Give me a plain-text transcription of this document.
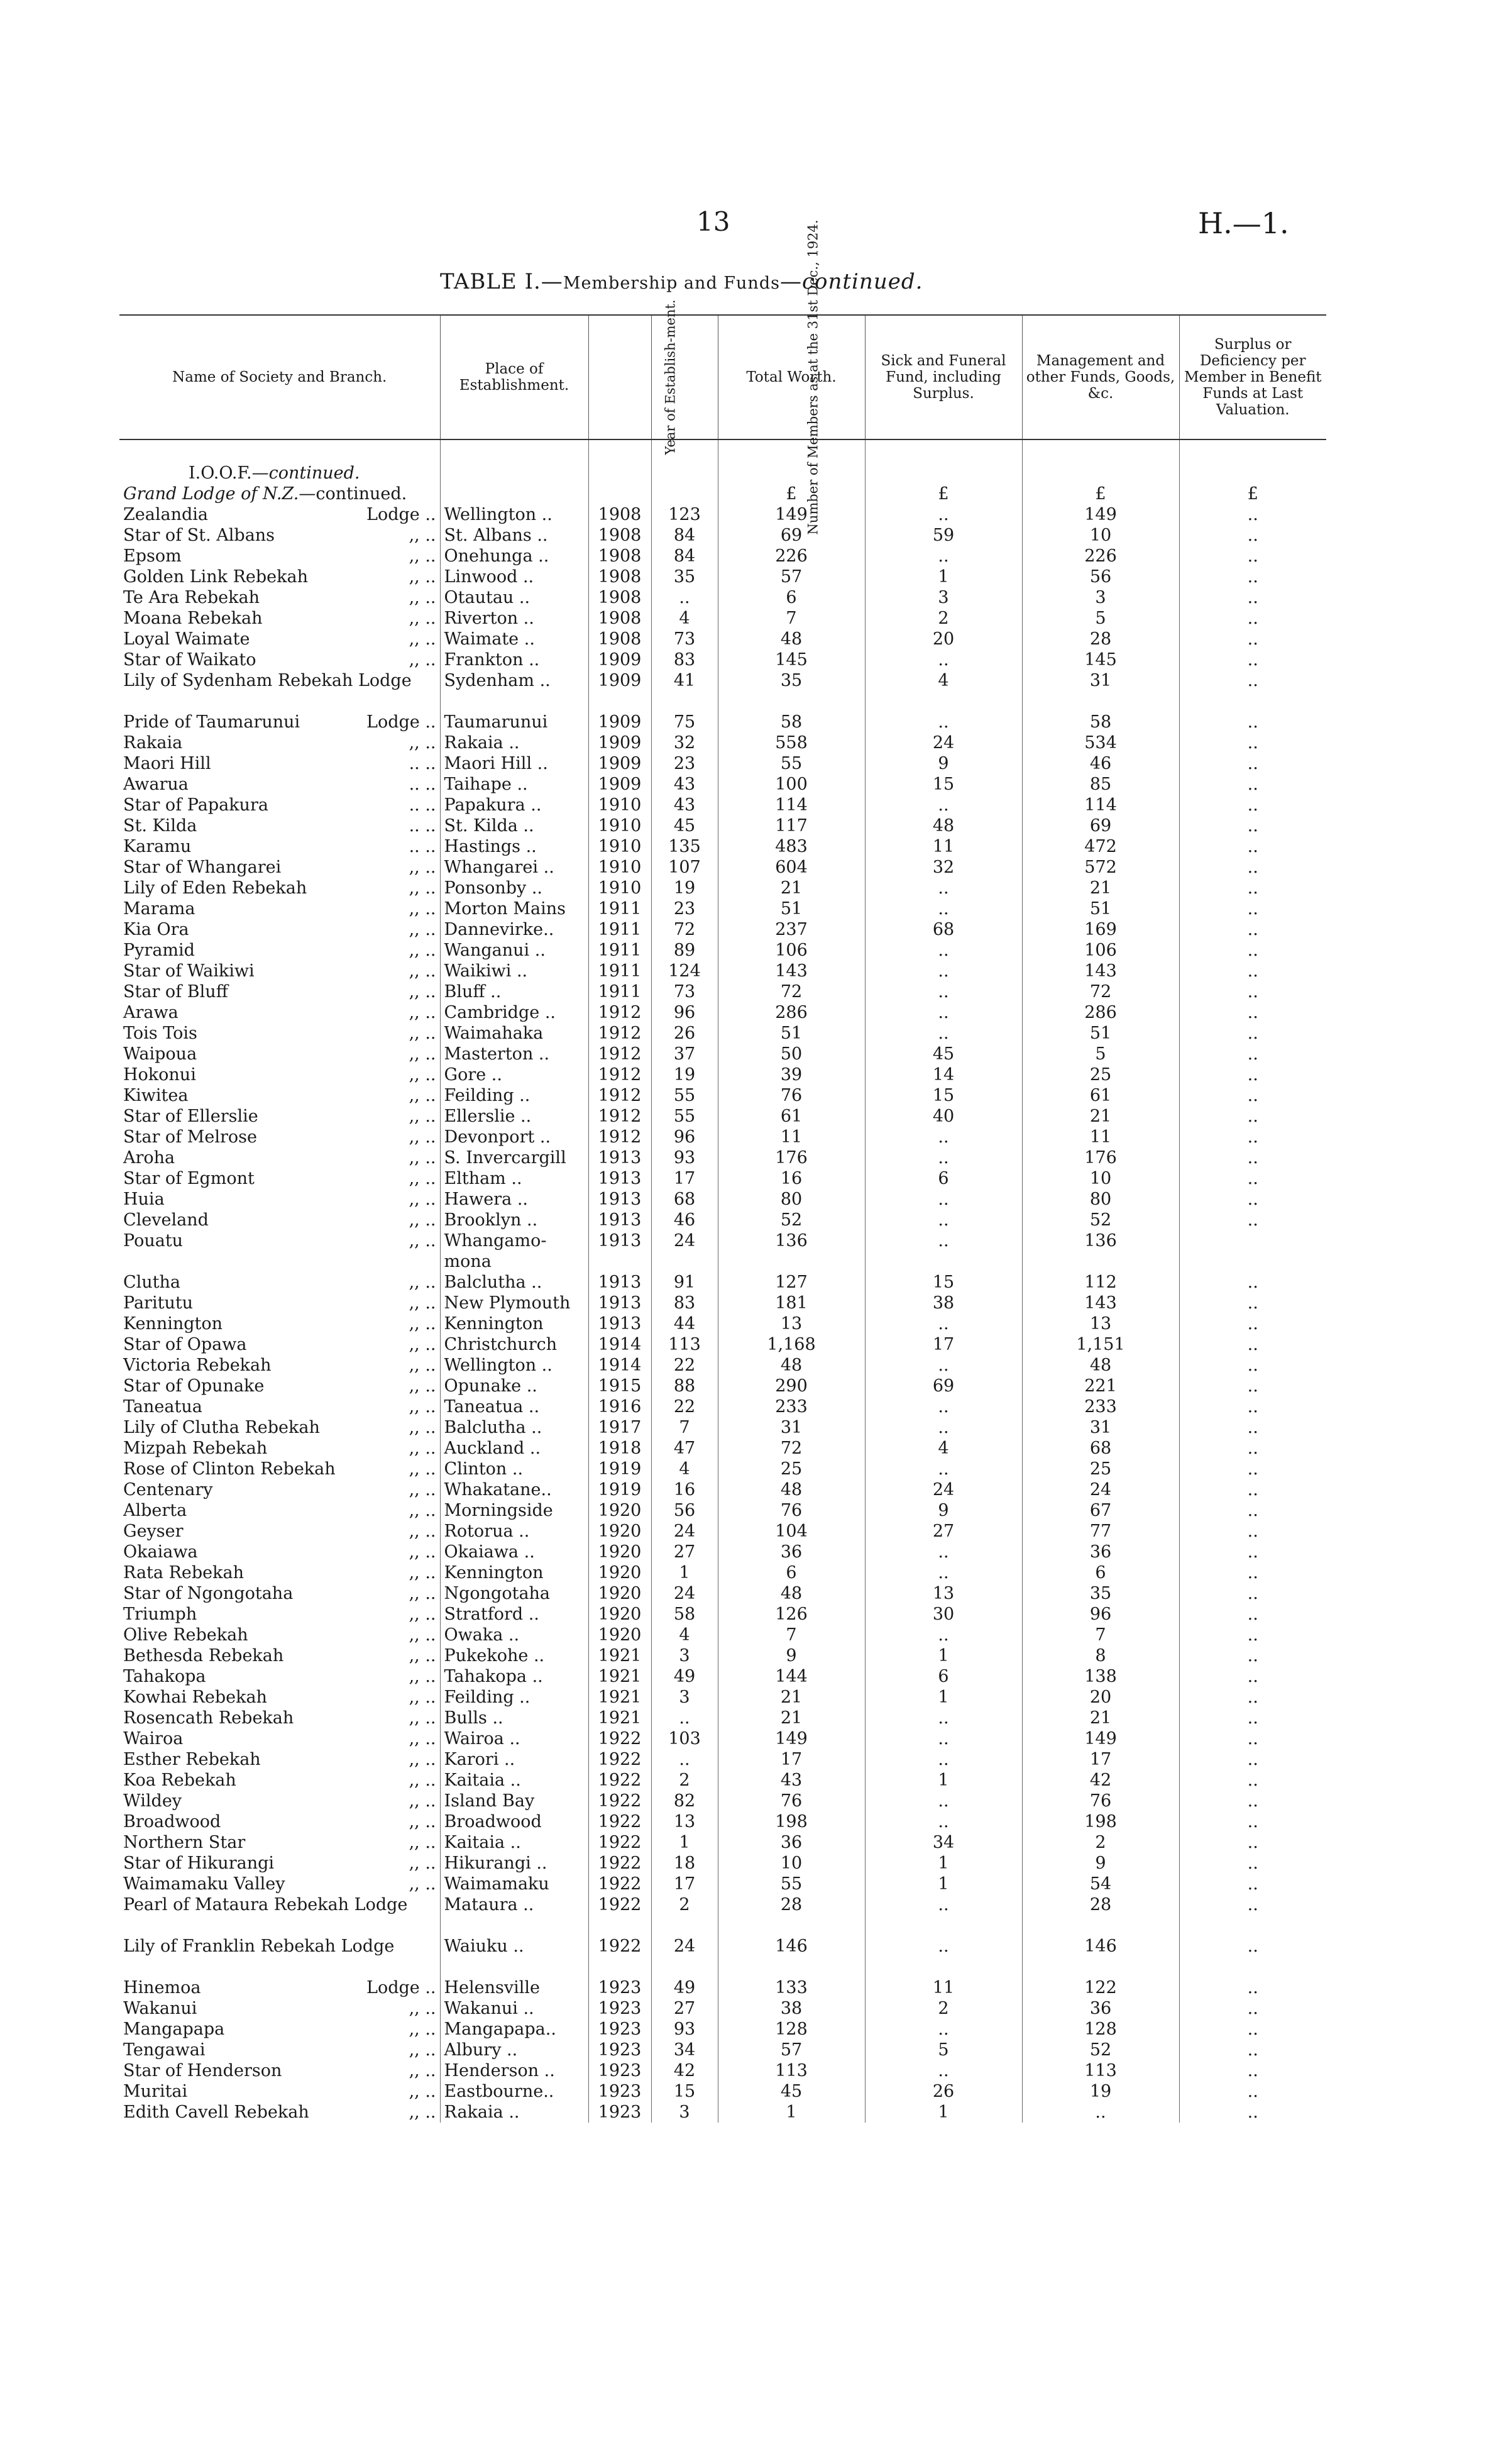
13	H.—1.
TABLE I.—Membership and Funds—continued.
Name of Society and Branch.	Place of Establishment.	Year of Establish-ment.	Number of Members as at the 31st Dec., 1924.	Total Worth.	Sick and Funeral Fund, including Surplus.	Management and other Funds, Goods, &c.	Surplus or Deficiency per Member in Benefit Funds at Last Valuation.

I.O.O.F.—continued.							
Grand Lodge of N.Z.—continued.				£	£	£	£

Zealandia Lodge ..	Wellington ..	1908	123	149	..	149	..

Star of St. Albans ,, ..	St. Albans ..	1908	84	69	59	10	..

Epsom ,, ..	Onehunga ..	1908	84	226	..	226	..

Golden Link Rebekah ,, ..	Linwood ..	1908	35	57	1	56	..

Te Ara Rebekah ,, ..	Otautau ..	1908	..	6	3	3	..

Moana Rebekah ,, ..	Riverton ..	1908	4	7	2	5	..

Loyal Waimate ,, ..	Waimate ..	1908	73	48	20	28	..

Star of Waikato ,, ..	Frankton ..	1909	83	145	..	145	..

Lily of Sydenham Rebekah Lodge	Sydenham ..	1909	41	35	4	31	..

Pride of Taumarunui Lodge ..	Taumarunui	1909	75	58	..	58	..

Rakaia ,, ..	Rakaia ..	1909	32	558	24	534	..

Maori Hill .. ..	Maori Hill ..	1909	23	55	9	46	..

Awarua .. ..	Taihape ..	1909	43	100	15	85	..

Star of Papakura .. ..	Papakura ..	1910	43	114	..	114	..

St. Kilda .. ..	St. Kilda ..	1910	45	117	48	69	..

Karamu .. ..	Hastings ..	1910	135	483	11	472	..

Star of Whangarei ,, ..	Whangarei ..	1910	107	604	32	572	..

Lily of Eden Rebekah ,, ..	Ponsonby ..	1910	19	21	..	21	..

Marama ,, ..	Morton Mains	1911	23	51	..	51	..

Kia Ora ,, ..	Dannevirke..	1911	72	237	68	169	..

Pyramid ,, ..	Wanganui ..	1911	89	106	..	106	..

Star of Waikiwi ,, ..	Waikiwi ..	1911	124	143	..	143	..

Star of Bluff ,, ..	Bluff ..	1911	73	72	..	72	..

Arawa ,, ..	Cambridge ..	1912	96	286	..	286	..

Tois Tois ,, ..	Waimahaka	1912	26	51	..	51	..

Waipoua ,, ..	Masterton ..	1912	37	50	45	5	..

Hokonui ,, ..	Gore ..	1912	19	39	14	25	..

Kiwitea ,, ..	Feilding ..	1912	55	76	15	61	..

Star of Ellerslie ,, ..	Ellerslie ..	1912	55	61	40	21	..

Star of Melrose ,, ..	Devonport ..	1912	96	11	..	11	..

Aroha ,, ..	S. Invercargill	1913	93	176	..	176	..

Star of Egmont ,, ..	Eltham ..	1913	17	16	6	10	..

Huia ,, ..	Hawera ..	1913	68	80	..	80	..

Cleveland ,, ..	Brooklyn ..	1913	46	52	..	52	..

Pouatu ,, ..	Whangamo-mona	1913	24	136	..	136	

Clutha ,, ..	Balclutha ..	1913	91	127	15	112	..

Paritutu ,, ..	New Plymouth	1913	83	181	38	143	..

Kennington ,, ..	Kennington	1913	44	13	..	13	..

Star of Opawa ,, ..	Christchurch	1914	113	1,168	17	1,151	..

Victoria Rebekah ,, ..	Wellington ..	1914	22	48	..	48	..

Star of Opunake ,, ..	Opunake ..	1915	88	290	69	221	..

Taneatua ,, ..	Taneatua ..	1916	22	233	..	233	..

Lily of Clutha Rebekah ,, ..	Balclutha ..	1917	7	31	..	31	..

Mizpah Rebekah ,, ..	Auckland ..	1918	47	72	4	68	..

Rose of Clinton Rebekah ,, ..	Clinton ..	1919	4	25	..	25	..

Centenary ,, ..	Whakatane..	1919	16	48	24	24	..

Alberta ,, ..	Morningside	1920	56	76	9	67	..

Geyser ,, ..	Rotorua ..	1920	24	104	27	77	..

Okaiawa ,, ..	Okaiawa ..	1920	27	36	..	36	..

Rata Rebekah ,, ..	Kennington	1920	1	6	..	6	..

Star of Ngongotaha ,, ..	Ngongotaha	1920	24	48	13	35	..

Triumph ,, ..	Stratford ..	1920	58	126	30	96	..

Olive Rebekah ,, ..	Owaka ..	1920	4	7	..	7	..

Bethesda Rebekah ,, ..	Pukekohe ..	1921	3	9	1	8	..

Tahakopa ,, ..	Tahakopa ..	1921	49	144	6	138	..

Kowhai Rebekah ,, ..	Feilding ..	1921	3	21	1	20	..

Rosencath Rebekah ,, ..	Bulls ..	1921	..	21	..	21	..

Wairoa ,, ..	Wairoa ..	1922	103	149	..	149	..

Esther Rebekah ,, ..	Karori ..	1922	..	17	..	17	..

Koa Rebekah ,, ..	Kaitaia ..	1922	2	43	1	42	..

Wildey ,, ..	Island Bay	1922	82	76	..	76	..

Broadwood ,, ..	Broadwood	1922	13	198	..	198	..

Northern Star ,, ..	Kaitaia ..	1922	1	36	34	2	..

Star of Hikurangi ,, ..	Hikurangi ..	1922	18	10	1	9	..

Waimamaku Valley ,, ..	Waimamaku	1922	17	55	1	54	..

Pearl of Mataura Rebekah Lodge	Mataura ..	1922	2	28	..	28	..

Lily of Franklin Rebekah Lodge	Waiuku ..	1922	24	146	..	146	..

Hinemoa Lodge ..	Helensville	1923	49	133	11	122	..

Wakanui ,, ..	Wakanui ..	1923	27	38	2	36	..

Mangapapa ,, ..	Mangapapa..	1923	93	128	..	128	..

Tengawai ,, ..	Albury ..	1923	34	57	5	52	..

Star of Henderson ,, ..	Henderson ..	1923	42	113	..	113	..

Muritai ,, ..	Eastbourne..	1923	15	45	26	19	..

Edith Cavell Rebekah ,, ..	Rakaia ..	1923	3	1	1	..	..
